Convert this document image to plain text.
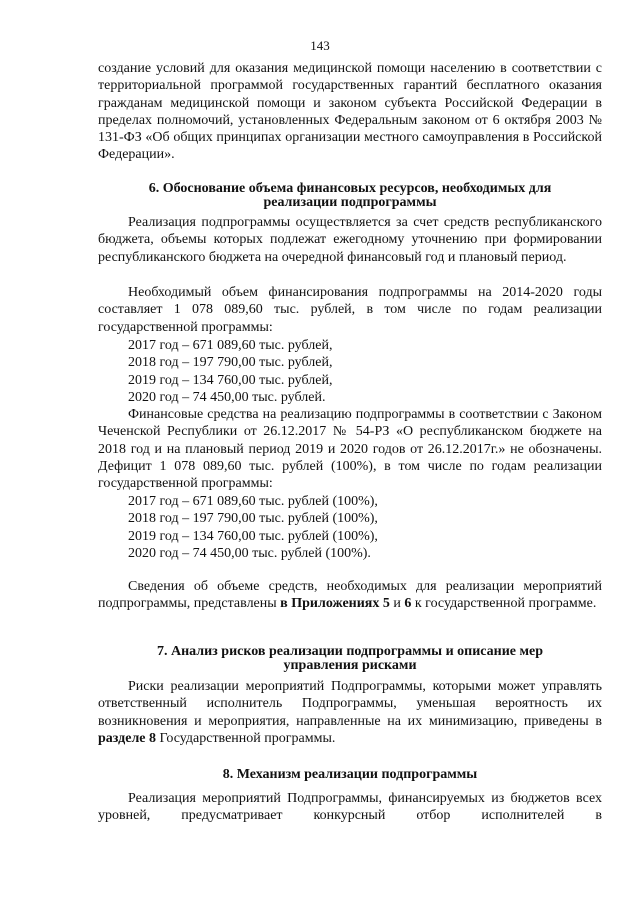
143
создание условий для оказания медицинской помощи населению в соответствии с территориальной программой государственных гарантий бесплатного оказания гражданам медицинской помощи и законом субъекта Российской Федерации в пределах полномочий, установленных Федеральным законом от 6 октября 2003 № 131-ФЗ «Об общих принципах организации местного самоуправления в Российской Федерации».
6. Обоснование объема финансовых ресурсов, необходимых для
реализации подпрограммы
Реализация подпрограммы осуществляется за счет средств республиканского бюджета, объемы которых подлежат ежегодному уточнению при формировании республиканского бюджета на очередной финансовый год и плановый период.
Необходимый объем финансирования подпрограммы на 2014-2020 годы составляет 1 078 089,60 тыс. рублей, в том числе по годам реализации государственной программы:
2017 год – 671 089,60 тыс. рублей,
2018 год – 197 790,00 тыс. рублей,
2019 год – 134 760,00 тыс. рублей,
2020 год – 74 450,00 тыс. рублей.
Финансовые средства на реализацию подпрограммы в соответствии с Законом Чеченской Республики от 26.12.2017 № 54-РЗ «О республиканском бюджете на 2018 год и на плановый период 2019 и 2020 годов от 26.12.2017г.» не обозначены. Дефицит 1 078 089,60 тыс. рублей (100%), в том числе по годам реализации государственной программы:
2017 год – 671 089,60 тыс. рублей (100%),
2018 год – 197 790,00 тыс. рублей (100%),
2019 год – 134 760,00 тыс. рублей (100%),
2020 год – 74 450,00 тыс. рублей (100%).
Сведения об объеме средств, необходимых для реализации мероприятий подпрограммы, представлены в Приложениях 5 и 6 к государственной программе.
7. Анализ рисков реализации подпрограммы и описание мер
управления рисками
Риски реализации мероприятий Подпрограммы, которыми может управлять ответственный исполнитель Подпрограммы, уменьшая вероятность их возникновения и мероприятия, направленные на их минимизацию, приведены в разделе 8 Государственной программы.
8. Механизм реализации подпрограммы
Реализация мероприятий Подпрограммы, финансируемых из бюджетов всех уровней, предусматривает конкурсный отбор исполнителей в
